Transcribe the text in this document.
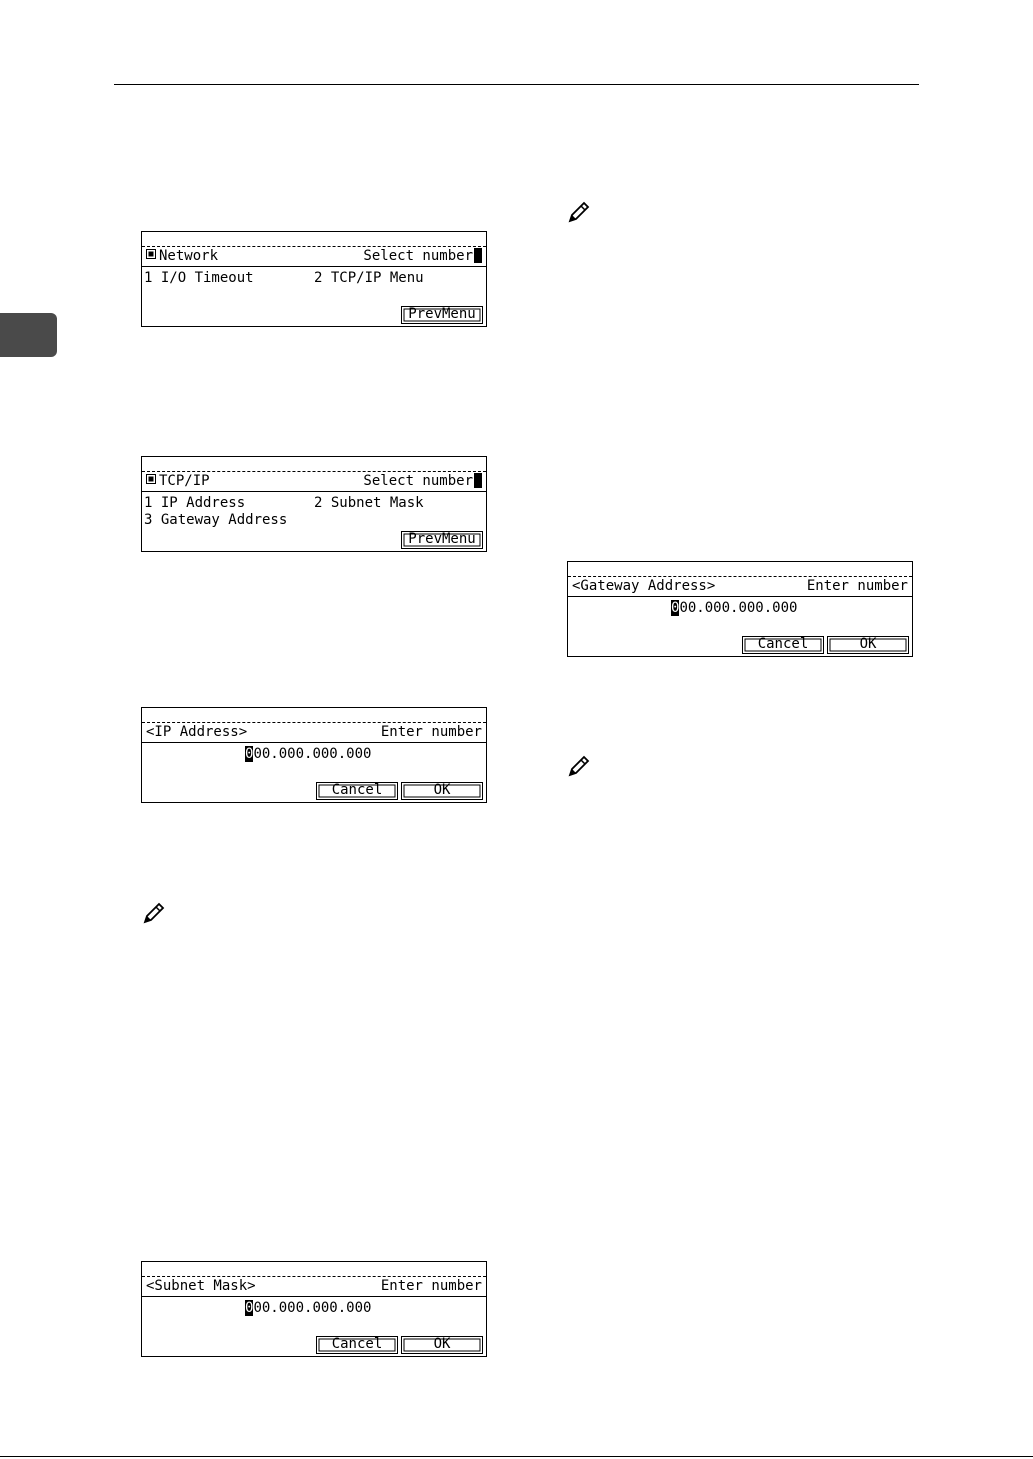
Network	Select number
1 I/O Timeout	2 TCP/IP Menu
PrevMenu
TCP/IP	Select number
1 IP Address	2 Subnet Mask
3 Gateway Address
PrevMenu
<IP Address>	Enter number
000.000.000.000
Cancel	OK
<Subnet Mask>	Enter number
000.000.000.000
Cancel	OK
<Gateway Address>	Enter number
000.000.000.000
Cancel	OK
